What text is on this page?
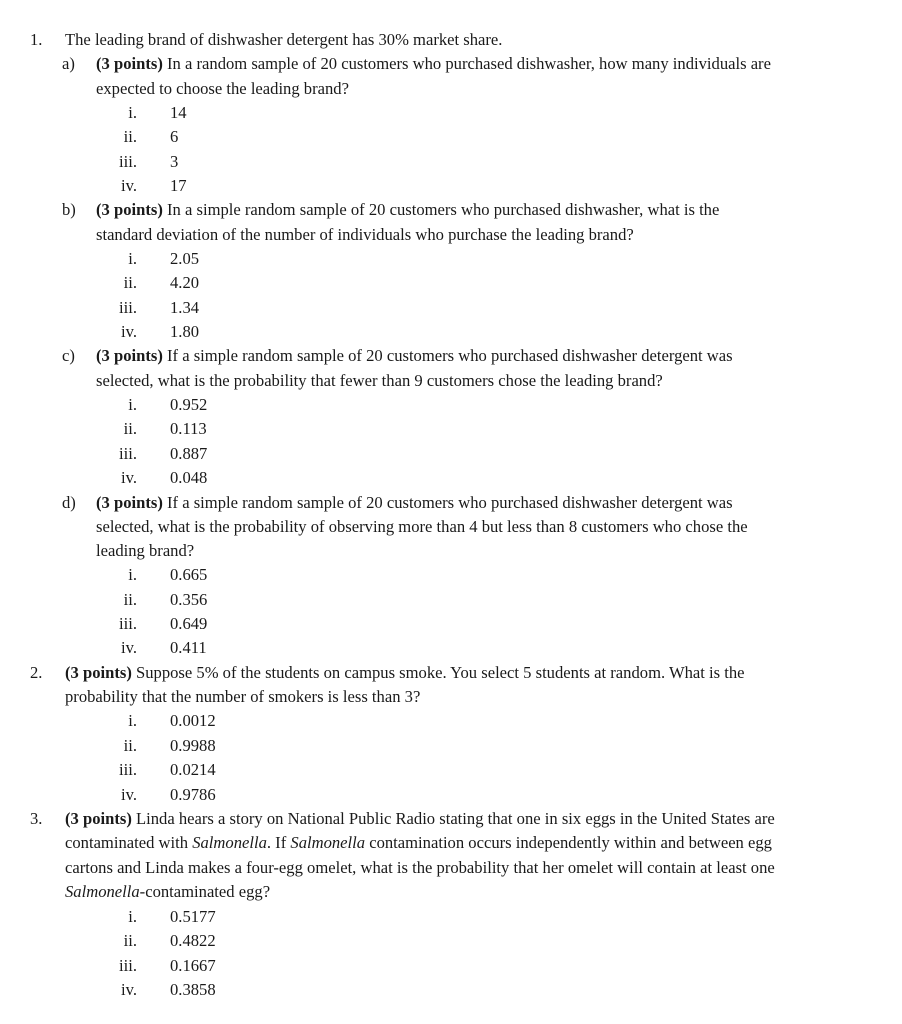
1. The leading brand of dishwasher detergent has 30% market share.
a) (3 points) In a random sample of 20 customers who purchased dishwasher, how many individuals are
expected to choose the leading brand?
i. 14
ii. 6
iii. 3
iv. 17
b) (3 points) In a simple random sample of 20 customers who purchased dishwasher, what is the
standard deviation of the number of individuals who purchase the leading brand?
i. 2.05
ii. 4.20
iii. 1.34
iv. 1.80
c) (3 points) If a simple random sample of 20 customers who purchased dishwasher detergent was
selected, what is the probability that fewer than 9 customers chose the leading brand?
i. 0.952
ii. 0.113
iii. 0.887
iv. 0.048
d) (3 points) If a simple random sample of 20 customers who purchased dishwasher detergent was
selected, what is the probability of observing more than 4 but less than 8 customers who chose the
leading brand?
i. 0.665
ii. 0.356
iii. 0.649
iv. 0.411
2. (3 points) Suppose 5% of the students on campus smoke. You select 5 students at random. What is the
probability that the number of smokers is less than 3?
i. 0.0012
ii. 0.9988
iii. 0.0214
iv. 0.9786
3. (3 points) Linda hears a story on National Public Radio stating that one in six eggs in the United States are
contaminated with Salmonella. If Salmonella contamination occurs independently within and between egg
cartons and Linda makes a four-egg omelet, what is the probability that her omelet will contain at least one
Salmonella-contaminated egg?
i. 0.5177
ii. 0.4822
iii. 0.1667
iv. 0.3858
